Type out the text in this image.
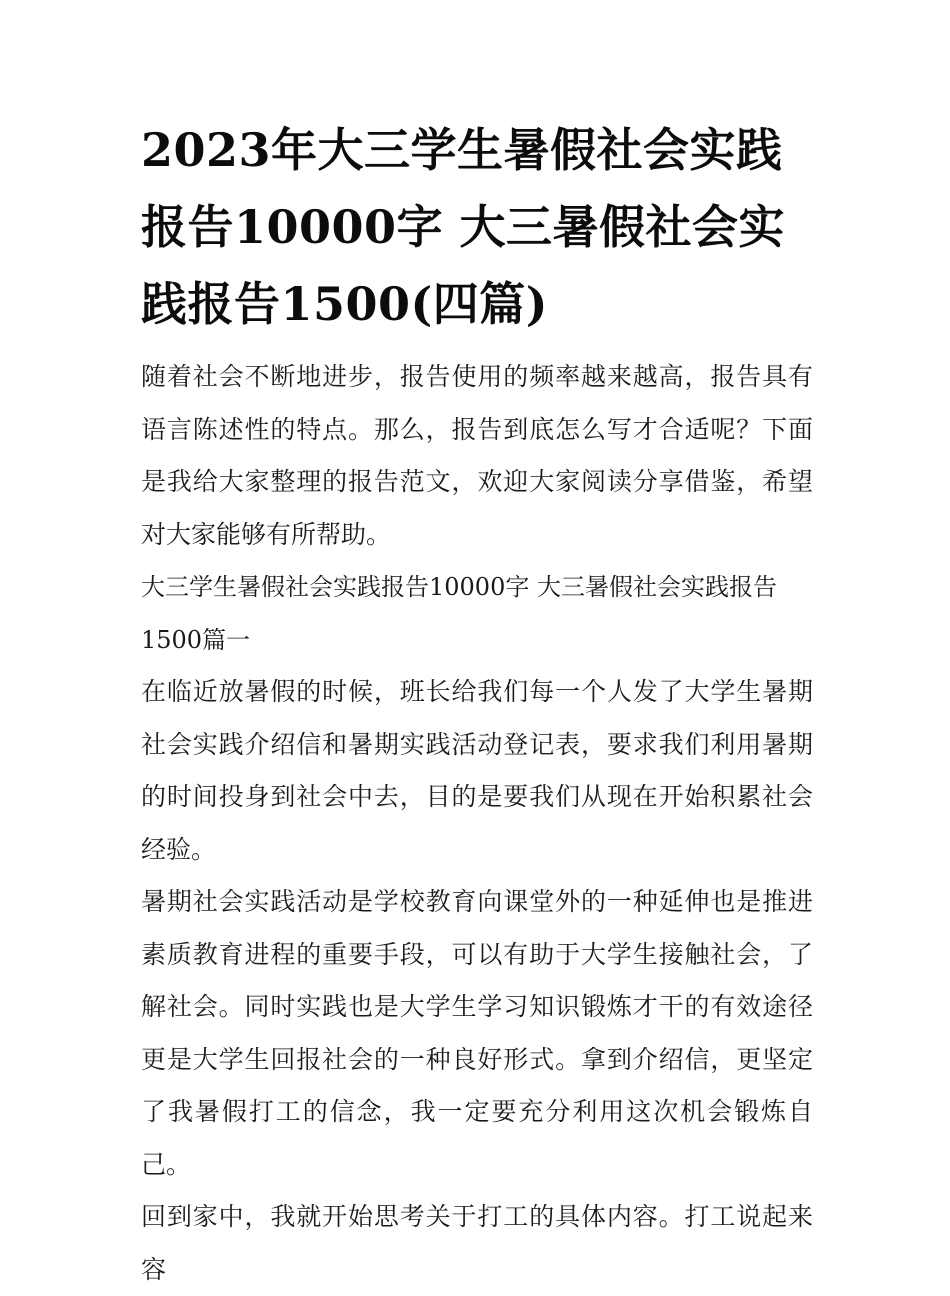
2023年大三学生暑假社会实践报告10000字 大三暑假社会实践报告1500(四篇)

随着社会不断地进步，报告使用的频率越来越高，报告具有语言陈述性的特点。那么，报告到底怎么写才合适呢？下面是我给大家整理的报告范文，欢迎大家阅读分享借鉴，希望对大家能够有所帮助。

大三学生暑假社会实践报告10000字 大三暑假社会实践报告1500篇一

在临近放暑假的时候，班长给我们每一个人发了大学生暑期社会实践介绍信和暑期实践活动登记表，要求我们利用暑期的时间投身到社会中去，目的是要我们从现在开始积累社会经验。

暑期社会实践活动是学校教育向课堂外的一种延伸也是推进素质教育进程的重要手段，可以有助于大学生接触社会，了解社会。同时实践也是大学生学习知识锻炼才干的有效途径更是大学生回报社会的一种良好形式。拿到介绍信，更坚定了我暑假打工的信念，我一定要充分利用这次机会锻炼自己。

回到家中，我就开始思考关于打工的具体内容。打工说起来容
